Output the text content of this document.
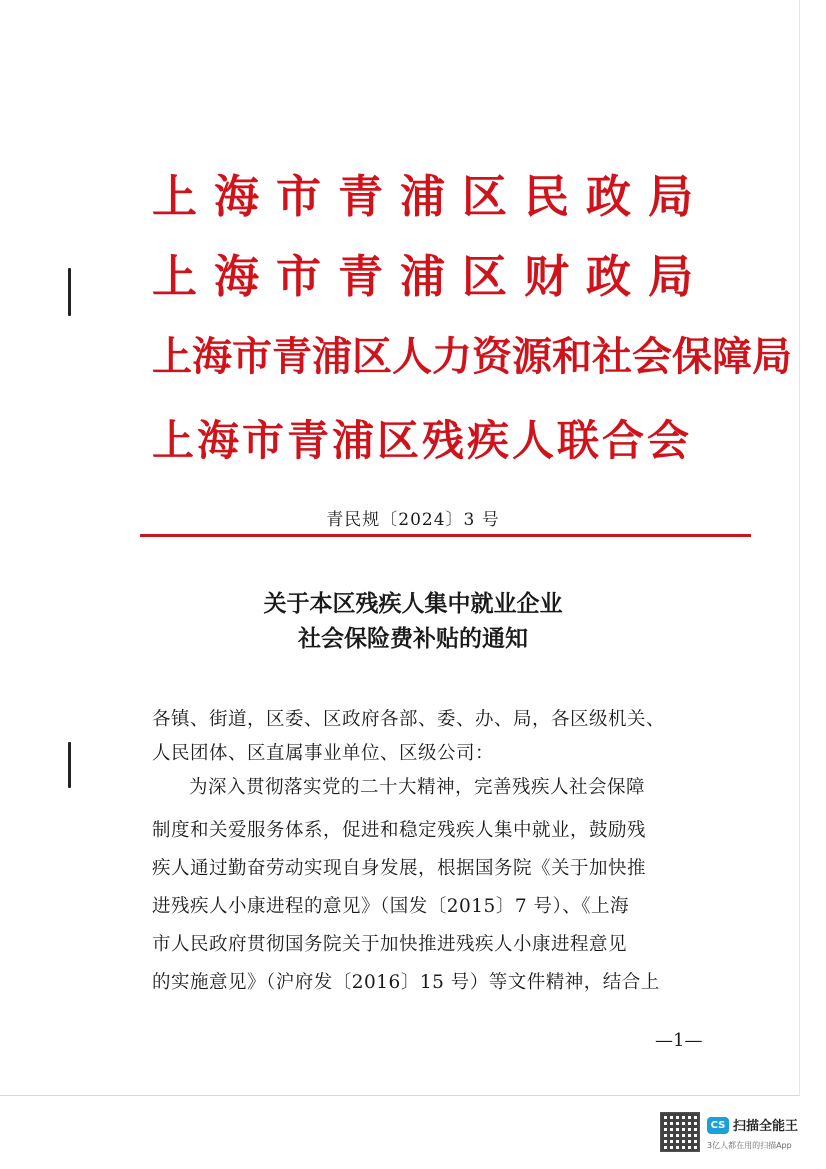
上海市青浦区民政局
上海市青浦区财政局
上海市青浦区人力资源和社会保障局
上海市青浦区残疾人联合会
青民规〔2024〕3 号
关于本区残疾人集中就业企业
社会保险费补贴的通知
各镇、街道，区委、区政府各部、委、办、局，各区级机关、
人民团体、区直属事业单位、区级公司：
为深入贯彻落实党的二十大精神，完善残疾人社会保障
制度和关爱服务体系，促进和稳定残疾人集中就业，鼓励残
疾人通过勤奋劳动实现自身发展，根据国务院《关于加快推
进残疾人小康进程的意见》（国发〔2015〕7 号）、《上海
市人民政府贯彻国务院关于加快推进残疾人小康进程意见
的实施意见》（沪府发〔2016〕15 号）等文件精神，结合上
—1—
CS 扫描全能王
3亿人都在用的扫描App
